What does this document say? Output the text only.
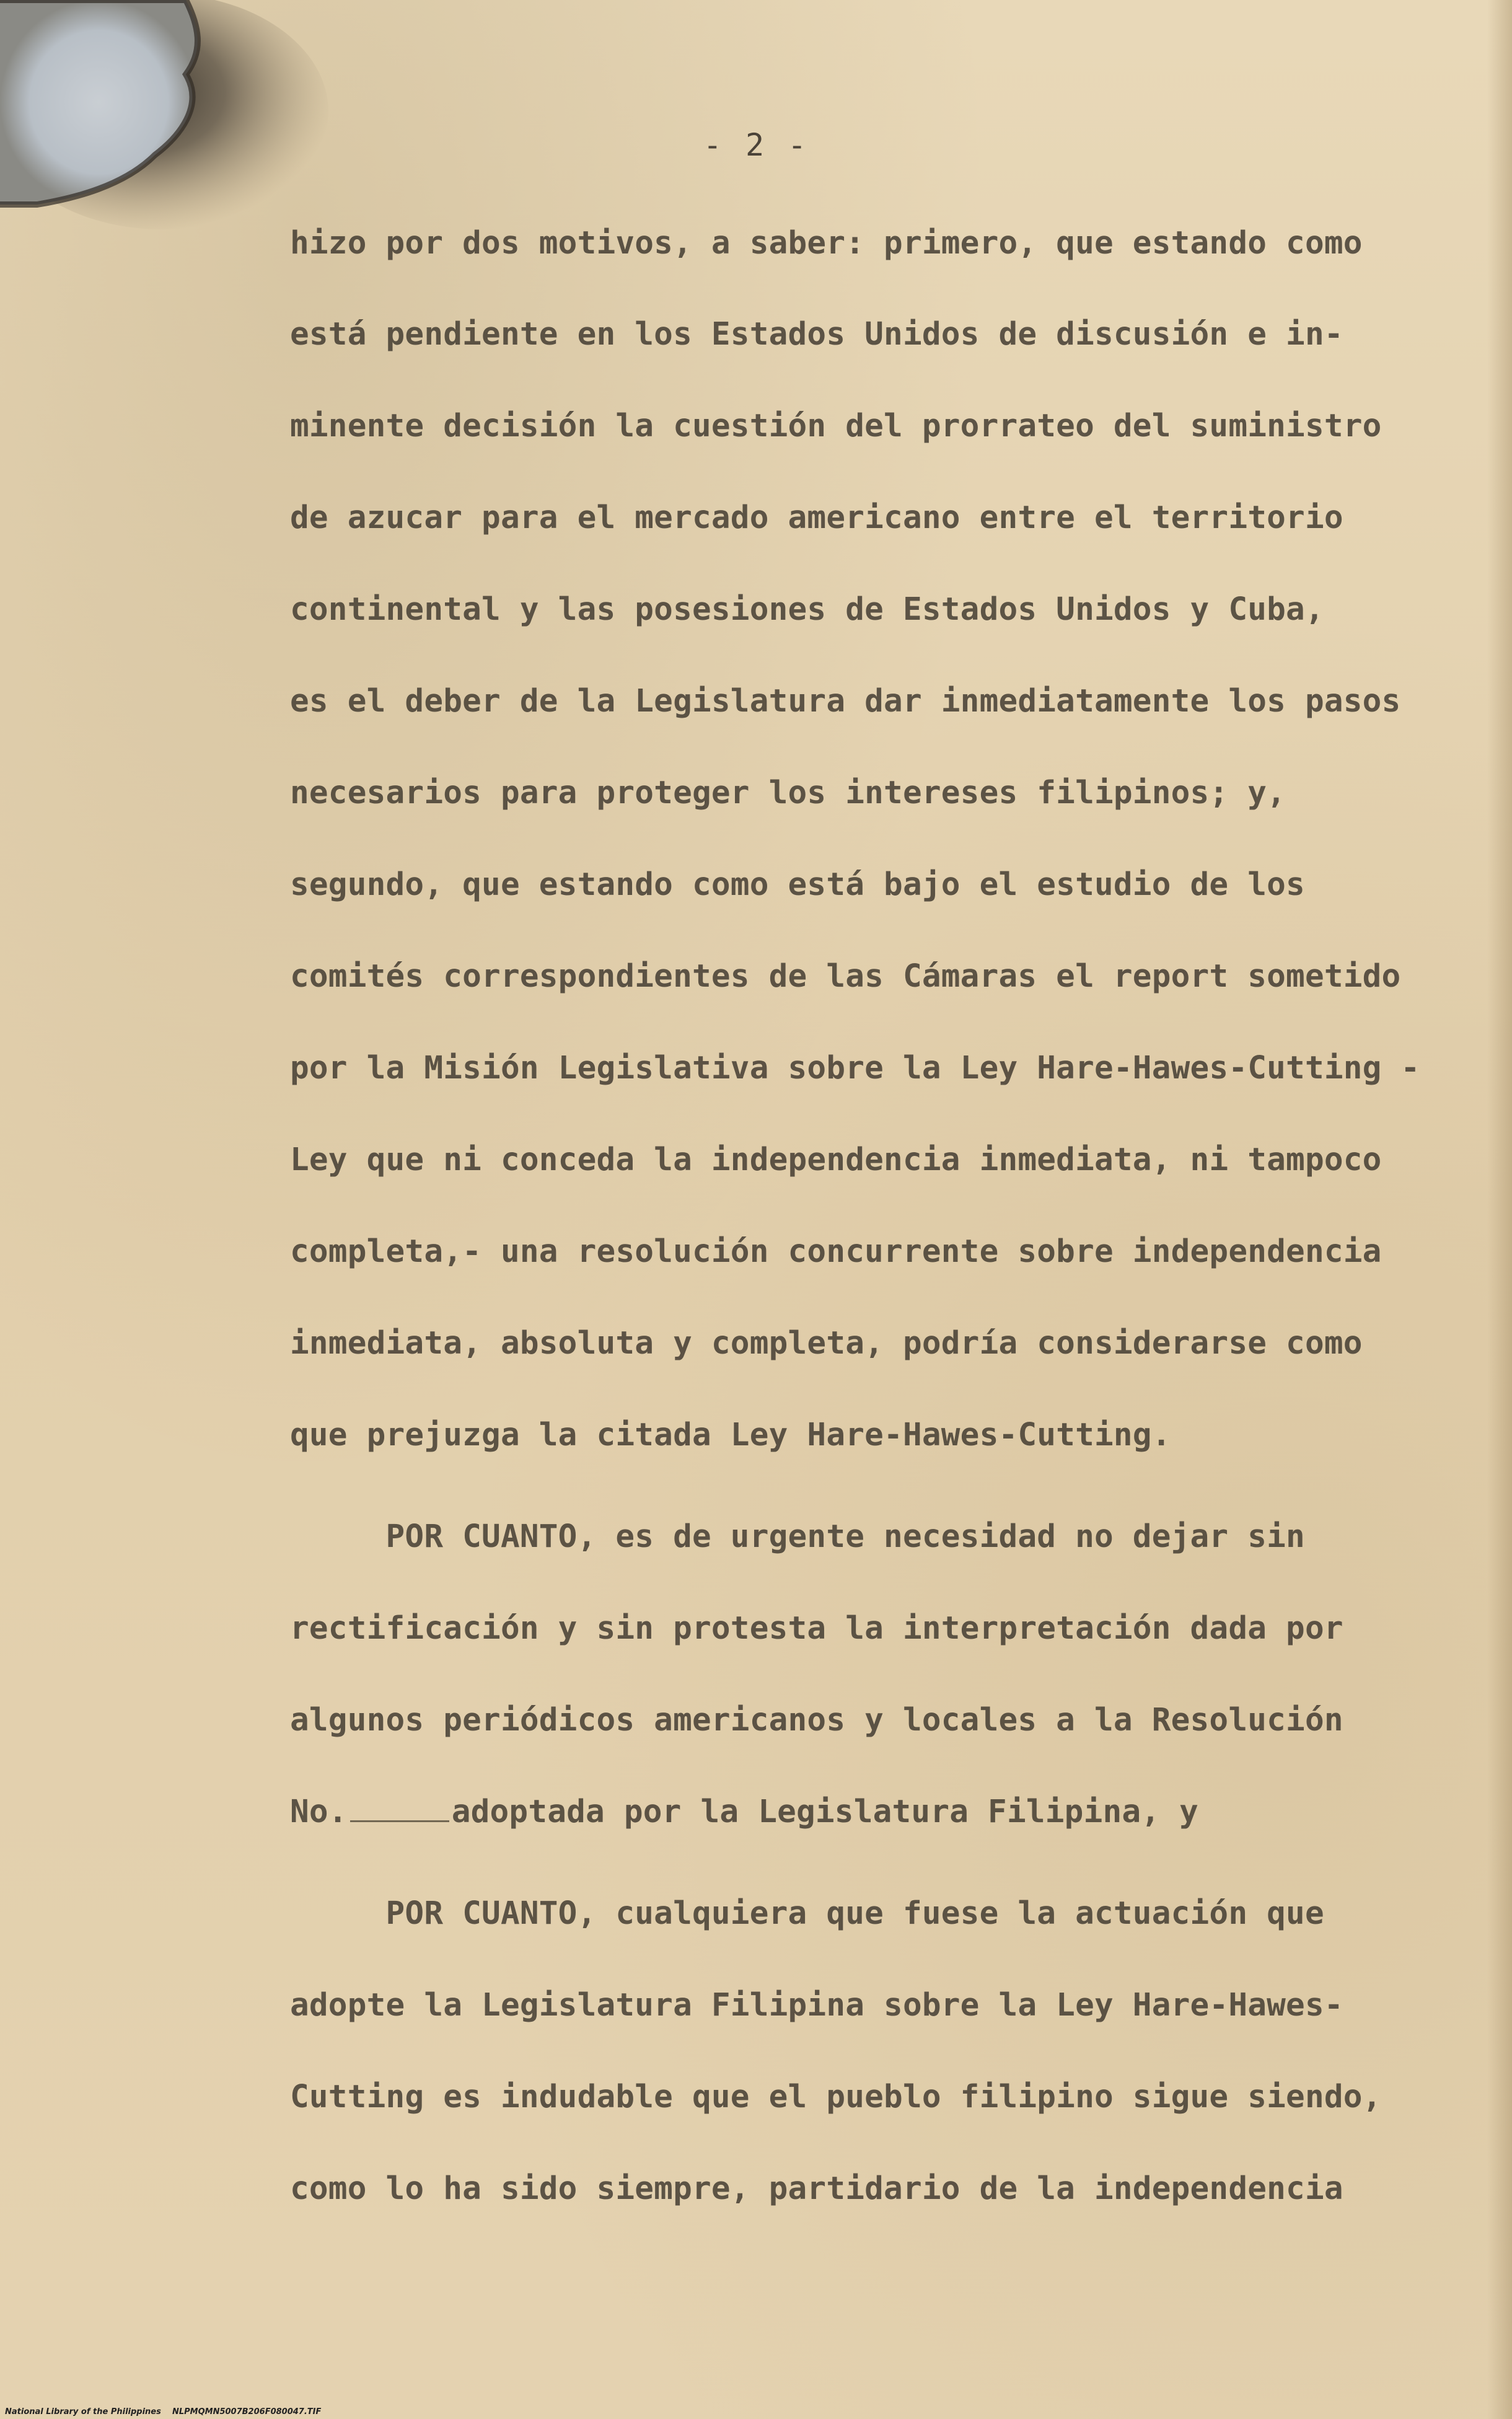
- 2 -
hizo por dos motivos, a saber: primero, que estando como
está pendiente en los Estados Unidos de discusión e in-
minente decisión la cuestión del prorrateo del suministro
de azucar para el mercado americano entre el territorio
continental y las posesiones de Estados Unidos y Cuba,
es el deber de la Legislatura dar inmediatamente los pasos
necesarios para proteger los intereses filipinos; y,
segundo, que estando como está bajo el estudio de los
comités correspondientes de las Cámaras el report sometido
por la Misión Legislativa sobre la Ley Hare-Hawes-Cutting -
Ley que ni conceda la independencia inmediata, ni tampoco
completa,- una resolución concurrente sobre independencia
inmediata, absoluta y completa, podría considerarse como
que prejuzga la citada Ley Hare-Hawes-Cutting.
POR CUANTO, es de urgente necesidad no dejar sin
rectificación y sin protesta la interpretación dada por
algunos periódicos americanos y locales a la Resolución
No.	adoptada por la Legislatura Filipina, y
POR CUANTO, cualquiera que fuese la actuación que
adopte la Legislatura Filipina sobre la Ley Hare-Hawes-
Cutting es indudable que el pueblo filipino sigue siendo,
como lo ha sido siempre, partidario de la independencia
National Library of the Philippines NLPMQMN5007B206F080047.TIF
